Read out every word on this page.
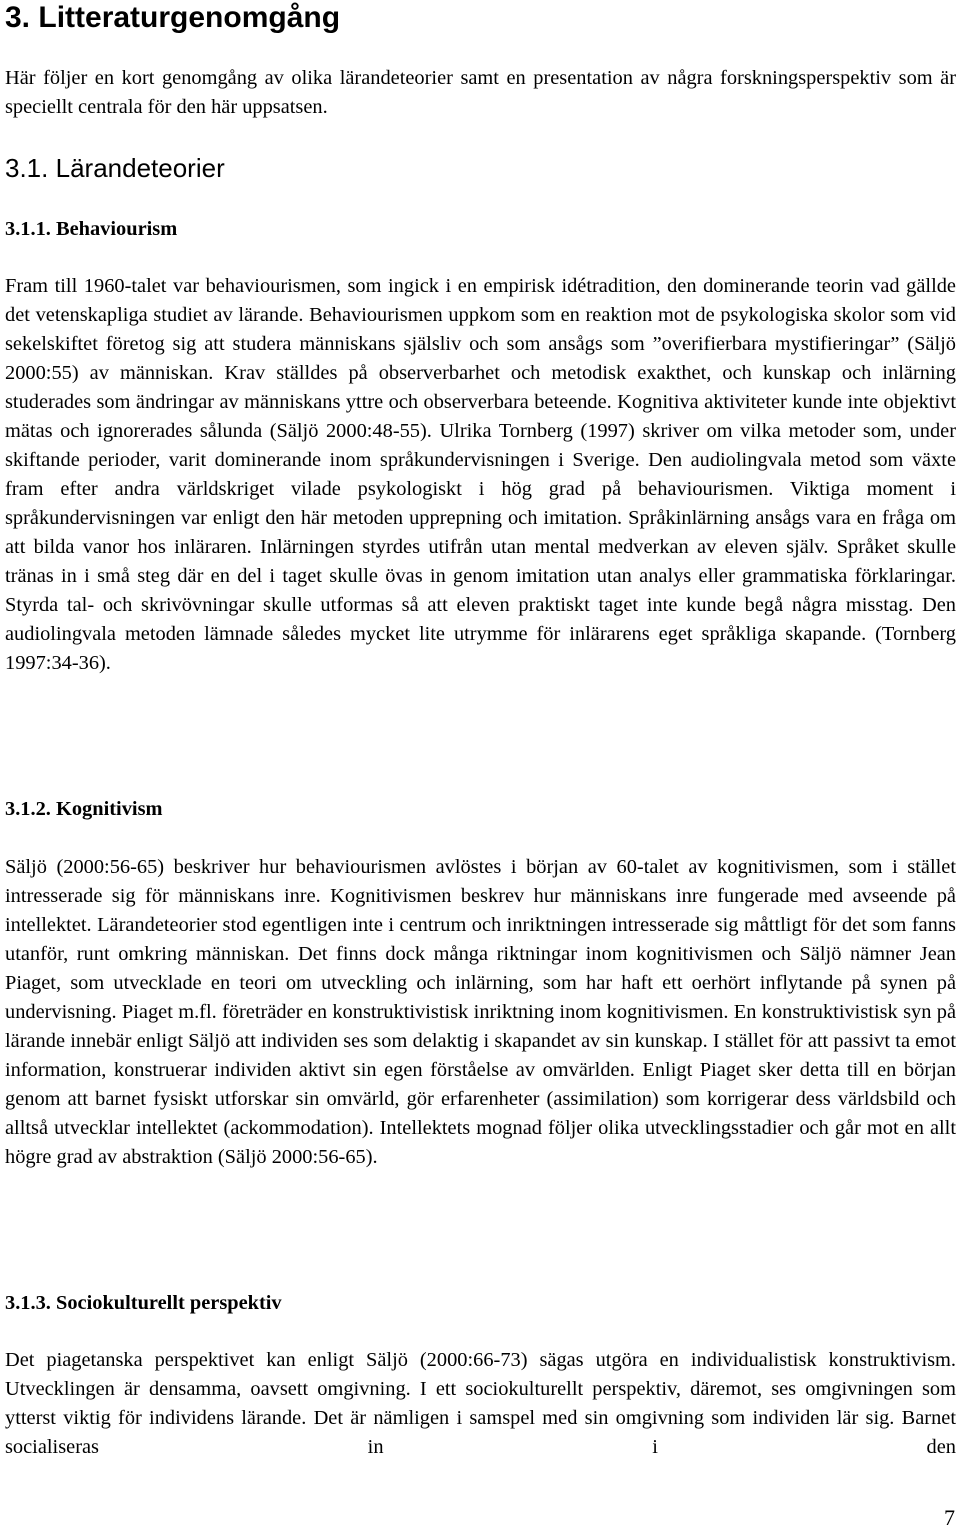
3. Litteraturgenomgång

Här följer en kort genomgång av olika lärandeteorier samt en presentation av några forskningsperspektiv som är speciellt centrala för den här uppsatsen.

3.1. Lärandeteorier
3.1.1. Behaviourism

Fram till 1960-talet var behaviourismen, som ingick i en empirisk idétradition, den dominerande teorin vad gällde det vetenskapliga studiet av lärande. Behaviourismen uppkom som en reaktion mot de psykologiska skolor som vid sekelskiftet företog sig att studera människans själsliv och som ansågs som ”overifierbara mystifieringar” (Säljö 2000:55) av människan. Krav ställdes på observerbarhet och metodisk exakthet, och kunskap och inlärning studerades som ändringar av människans yttre och observerbara beteende. Kognitiva aktiviteter kunde inte objektivt mätas och ignorerades sålunda (Säljö 2000:48-55). Ulrika Tornberg (1997) skriver om vilka metoder som, under skiftande perioder, varit dominerande inom språkundervisningen i Sverige. Den audiolingvala metod som växte fram efter andra världskriget vilade psykologiskt i hög grad på behaviourismen. Viktiga moment i språkundervisningen var enligt den här metoden upprepning och imitation. Språkinlärning ansågs vara en fråga om att bilda vanor hos inläraren. Inlärningen styrdes utifrån utan mental medverkan av eleven själv. Språket skulle tränas in i små steg där en del i taget skulle övas in genom imitation utan analys eller grammatiska förklaringar. Styrda tal- och skrivövningar skulle utformas så att eleven praktiskt taget inte kunde begå några misstag. Den audiolingvala metoden lämnade således mycket lite utrymme för inlärarens eget språkliga skapande. (Tornberg 1997:34-36).

3.1.2. Kognitivism

Säljö (2000:56-65) beskriver hur behaviourismen avlöstes i början av 60-talet av kognitivismen, som i stället intresserade sig för människans inre. Kognitivismen beskrev hur människans inre fungerade med avseende på intellektet. Lärandeteorier stod egentligen inte i centrum och inriktningen intresserade sig måttligt för det som fanns utanför, runt omkring människan. Det finns dock många riktningar inom kognitivismen och Säljö nämner Jean Piaget, som utvecklade en teori om utveckling och inlärning, som har haft ett oerhört inflytande på synen på undervisning. Piaget m.fl. företräder en konstruktivistisk inriktning inom kognitivismen. En konstruktivistisk syn på lärande innebär enligt Säljö att individen ses som delaktig i skapandet av sin kunskap. I stället för att passivt ta emot information, konstruerar individen aktivt sin egen förståelse av omvärlden. Enligt Piaget sker detta till en början genom att barnet fysiskt utforskar sin omvärld, gör erfarenheter (assimilation) som korrigerar dess världsbild och alltså utvecklar intellektet (ackommodation). Intellektets mognad följer olika utvecklingsstadier och går mot en allt högre grad av abstraktion (Säljö 2000:56-65).

3.1.3. Sociokulturellt perspektiv

Det piagetanska perspektivet kan enligt Säljö (2000:66-73) sägas utgöra en individualistisk konstruktivism. Utvecklingen är densamma, oavsett omgivning. I ett sociokulturellt perspektiv, däremot, ses omgivningen som ytterst viktig för individens lärande. Det är nämligen i samspel med sin omgivning som individen lär sig. Barnet socialiseras in i den

7
